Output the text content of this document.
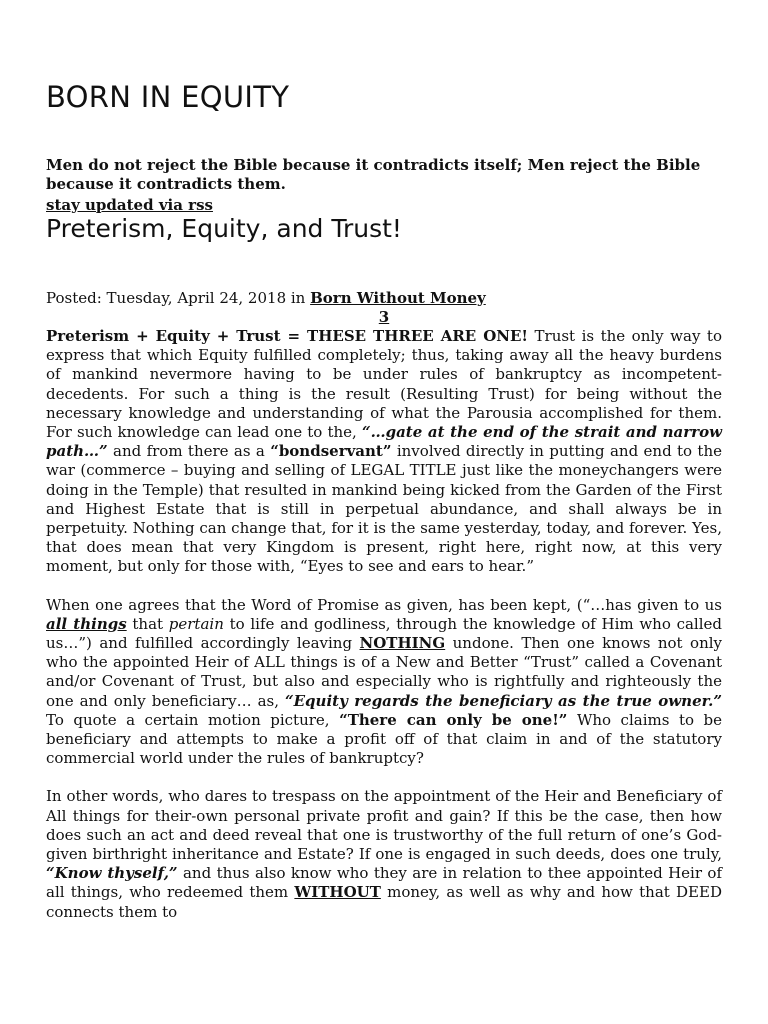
BORN IN EQUITY

Men do not reject the Bible because it contradicts itself; Men reject the Bible because it contradicts them.

stay updated via rss
Preterism, Equity, and Trust!
Posted: Tuesday, April 24, 2018 in Born Without Money
3

Preterism + Equity + Trust = THESE THREE ARE ONE! Trust is the only way to express that which Equity fulfilled completely; thus, taking away all the heavy burdens of mankind nevermore having to be under rules of bankruptcy as incompetent-decedents. For such a thing is the result (Resulting Trust) for being without the necessary knowledge and understanding of what the Parousia accomplished for them. For such knowledge can lead one to the, “…gate at the end of the strait and narrow path…” and from there as a “bondservant” involved directly in putting and end to the war (commerce – buying and selling of LEGAL TITLE just like the moneychangers were doing in the Temple) that resulted in mankind being kicked from the Garden of the First and Highest Estate that is still in perpetual abundance, and shall always be in perpetuity. Nothing can change that, for it is the same yesterday, today, and forever. Yes, that does mean that very Kingdom is present, right here, right now, at this very moment, but only for those with, “Eyes to see and ears to hear.”

When one agrees that the Word of Promise as given, has been kept, (“…has given to us all things that pertain to life and godliness, through the knowledge of Him who called us…”) and fulfilled accordingly leaving NOTHING undone. Then one knows not only who the appointed Heir of ALL things is of a New and Better “Trust” called a Covenant and/or Covenant of Trust, but also and especially who is rightfully and righteously the one and only beneficiary… as, “Equity regards the beneficiary as the true owner.” To quote a certain motion picture, “There can only be one!” Who claims to be beneficiary and attempts to make a profit off of that claim in and of the statutory commercial world under the rules of bankruptcy?

In other words, who dares to trespass on the appointment of the Heir and Beneficiary of All things for their-own personal private profit and gain? If this be the case, then how does such an act and deed reveal that one is trustworthy of the full return of one’s God-given birthright inheritance and Estate? If one is engaged in such deeds, does one truly, “Know thyself,” and thus also know who they are in relation to thee appointed Heir of all things, who redeemed them WITHOUT money, as well as why and how that DEED connects them to
